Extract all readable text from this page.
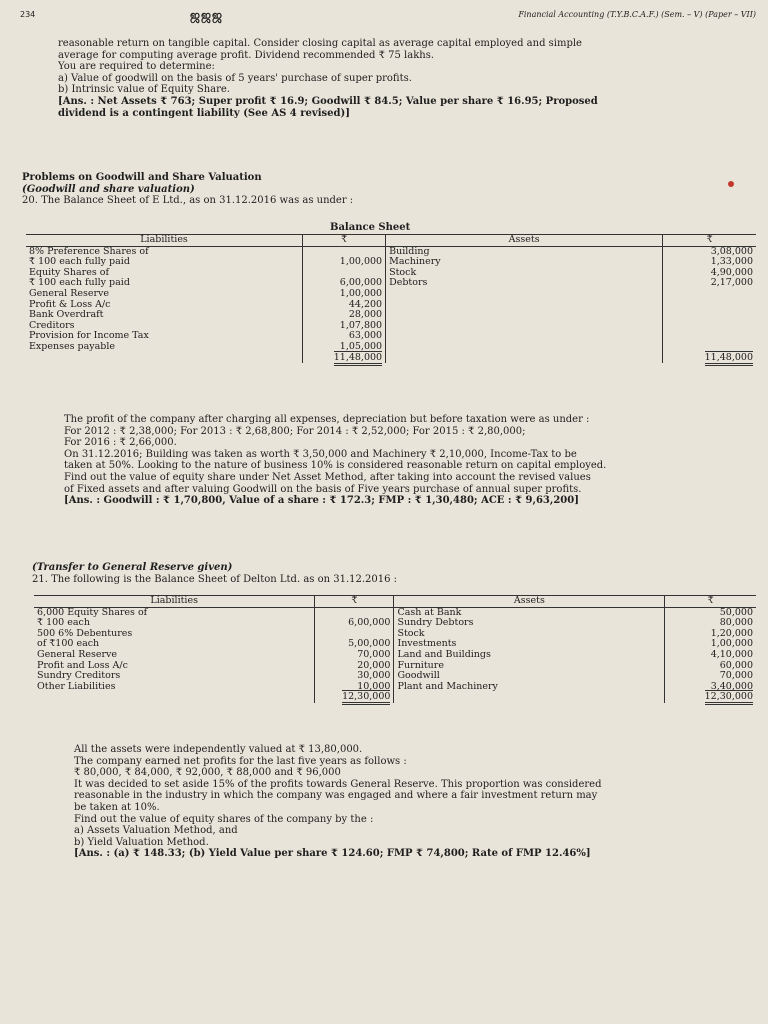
234	ஜஜஜ	Financial Accounting (T.Y.B.C.A.F.) (Sem. – V) (Paper – VII)

reasonable return on tangible capital. Consider closing capital as average capital employed and simple

average for computing average profit. Dividend recommended ₹ 75 lakhs.

You are required to determine:

a) Value of goodwill on the basis of 5 years' purchase of super profits.

b) Intrinsic value of Equity Share.

[Ans. : Net Assets ₹ 763; Super profit ₹ 16.9; Goodwill ₹ 84.5; Value per share ₹ 16.95; Proposed

dividend is a contingent liability (See AS 4 revised)]

Problems on Goodwill and Share Valuation

(Goodwill and share valuation)

20. The Balance Sheet of E Ltd., as on 31.12.2016 was as under :

Balance Sheet
Liabilities	₹	Assets	₹
8% Preference Shares of		Building	3,08,000
₹ 100 each fully paid	1,00,000	Machinery	1,33,000
Equity Shares of		Stock	4,90,000
₹ 100 each fully paid	6,00,000	Debtors	2,17,000
General Reserve	1,00,000		
Profit & Loss A/c	44,200		
Bank Overdraft	28,000		
Creditors	1,07,800		
Provision for Income Tax	63,000		
Expenses payable	1,05,000		
	11,48,000		11,48,000

The profit of the company after charging all expenses, depreciation but before taxation were as under :

For 2012 : ₹ 2,38,000; For 2013 : ₹ 2,68,800; For 2014 : ₹ 2,52,000; For 2015 : ₹ 2,80,000;

For 2016 : ₹ 2,66,000.

On 31.12.2016; Building was taken as worth ₹ 3,50,000 and Machinery ₹ 2,10,000, Income-Tax to be

taken at 50%. Looking to the nature of business 10% is considered reasonable return on capital employed.

Find out the value of equity share under Net Asset Method, after taking into account the revised values

of Fixed assets and after valuing Goodwill on the basis of Five years purchase of annual super profits.

[Ans. : Goodwill : ₹ 1,70,800, Value of a share : ₹ 172.3; FMP : ₹ 1,30,480; ACE : ₹ 9,63,200]

(Transfer to General Reserve given)

21. The following is the Balance Sheet of Delton Ltd. as on 31.12.2016 :

Liabilities	₹	Assets	₹
6,000 Equity Shares of		Cash at Bank	50,000
₹ 100 each	6,00,000	Sundry Debtors	80,000
500 6% Debentures		Stock	1,20,000
of ₹100 each	5,00,000	Investments	1,00,000
General Reserve	70,000	Land and Buildings	4,10,000
Profit and Loss A/c	20,000	Furniture	60,000
Sundry Creditors	30,000	Goodwill	70,000
Other Liabilities	10,000	Plant and Machinery	3,40,000
	12,30,000		12,30,000

All the assets were independently valued at ₹ 13,80,000.

The company earned net profits for the last five years as follows :

₹ 80,000, ₹ 84,000, ₹ 92,000, ₹ 88,000 and ₹ 96,000

It was decided to set aside 15% of the profits towards General Reserve. This proportion was considered

reasonable in the industry in which the company was engaged and where a fair investment return may

be taken at 10%.

Find out the value of equity shares of the company by the :

a) Assets Valuation Method, and

b) Yield Valuation Method.

[Ans. : (a) ₹ 148.33; (b) Yield Value per share ₹ 124.60; FMP ₹ 74,800; Rate of FMP 12.46%]
